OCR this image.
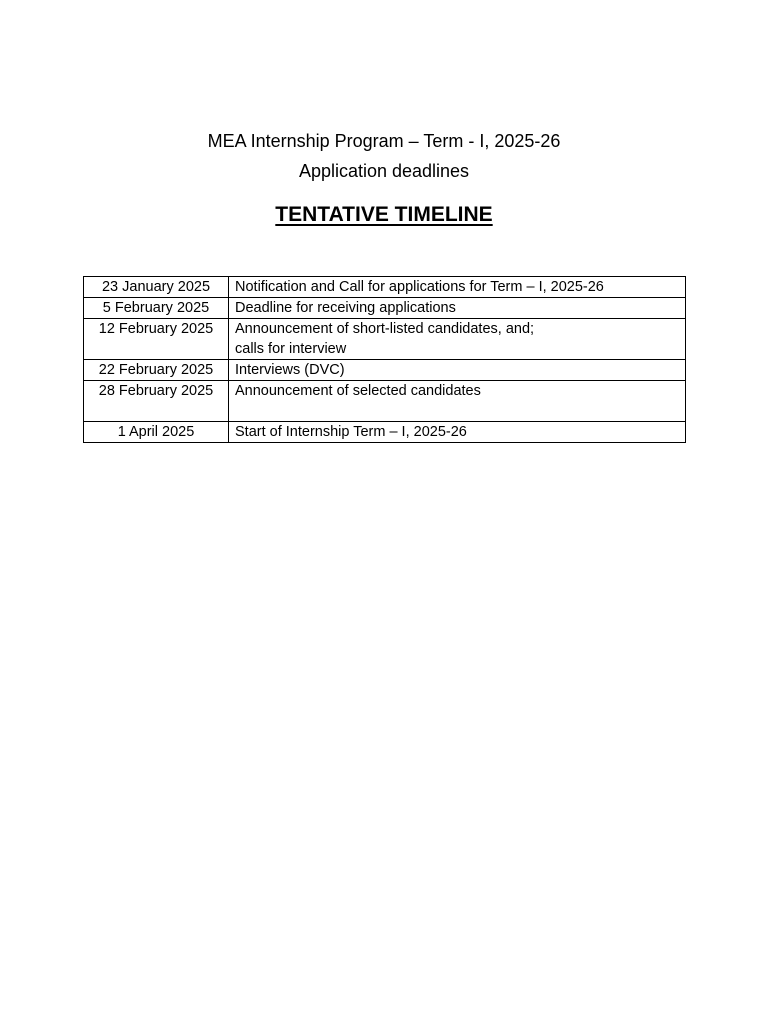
MEA Internship Program – Term - I, 2025-26
Application deadlines
TENTATIVE TIMELINE
23 January 2025	Notification and Call for applications for Term – I, 2025-26

5 February 2025	Deadline for receiving applications

12 February 2025	Announcement of short-listed candidates, and;
calls for interview

22 February 2025	Interviews (DVC)

28 February 2025	Announcement of selected candidates

1 April 2025	Start of Internship Term – I, 2025-26
